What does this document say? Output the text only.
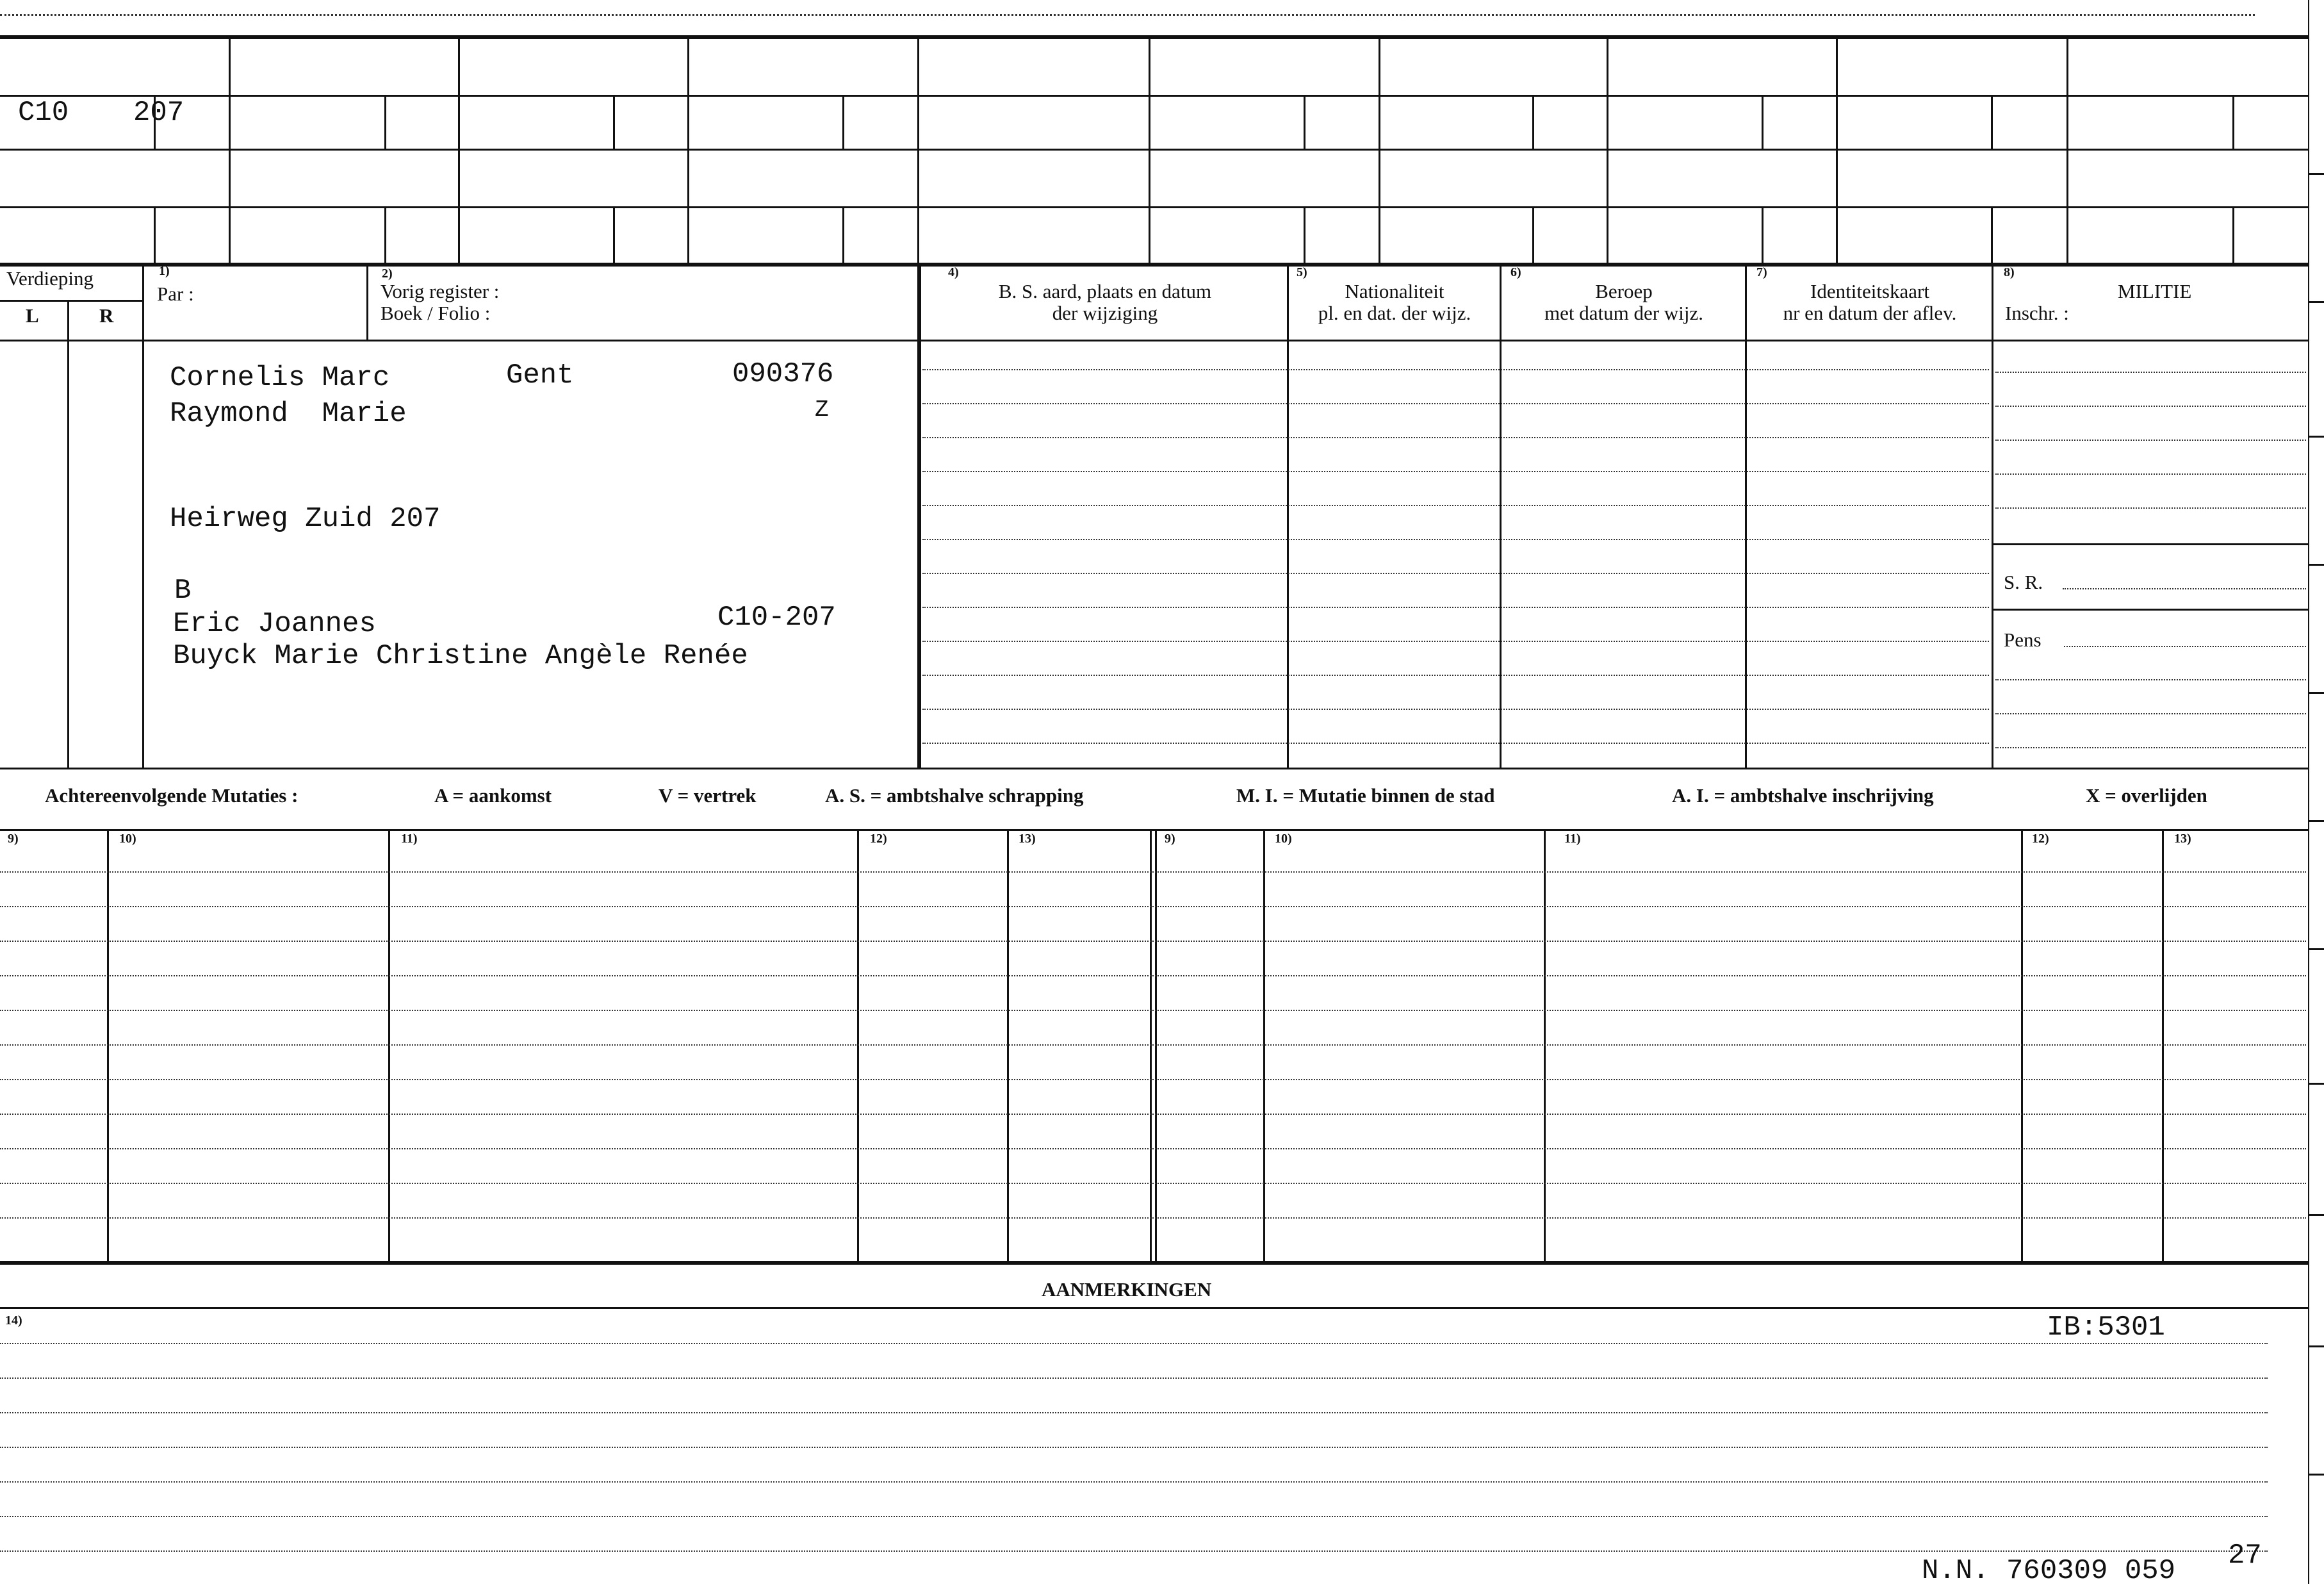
C10 207
Verdieping
L	R
1)
Par :
2)
Vorig register :
Boek / Folio :
4)
B. S. aard, plaats en datum
der wijziging
5)
Nationaliteit
pl. en dat. der wijz.
6)
Beroep
met datum der wijz.
7)
Identiteitskaart
nr en datum der aflev.
8)
MILITIE
Inschr. :
Cornelis Marc	Gent	090376
Raymond  Marie	Z
Heirweg Zuid 207
B
Eric Joannes	C10-207
Buyck Marie Christine Angèle Renée
S. R.
Pens
Achtereenvolgende Mutaties :	A = aankomst	V = vertrek	A. S. = ambtshalve schrapping	M. I. = Mutatie binnen de stad	A. I. = ambtshalve inschrijving	X = overlijden
9)	10)	11)	12)	13)	9)	10)	11)	12)	13)
AANMERKINGEN
14)	IB:5301
N.N. 760309 059 27
